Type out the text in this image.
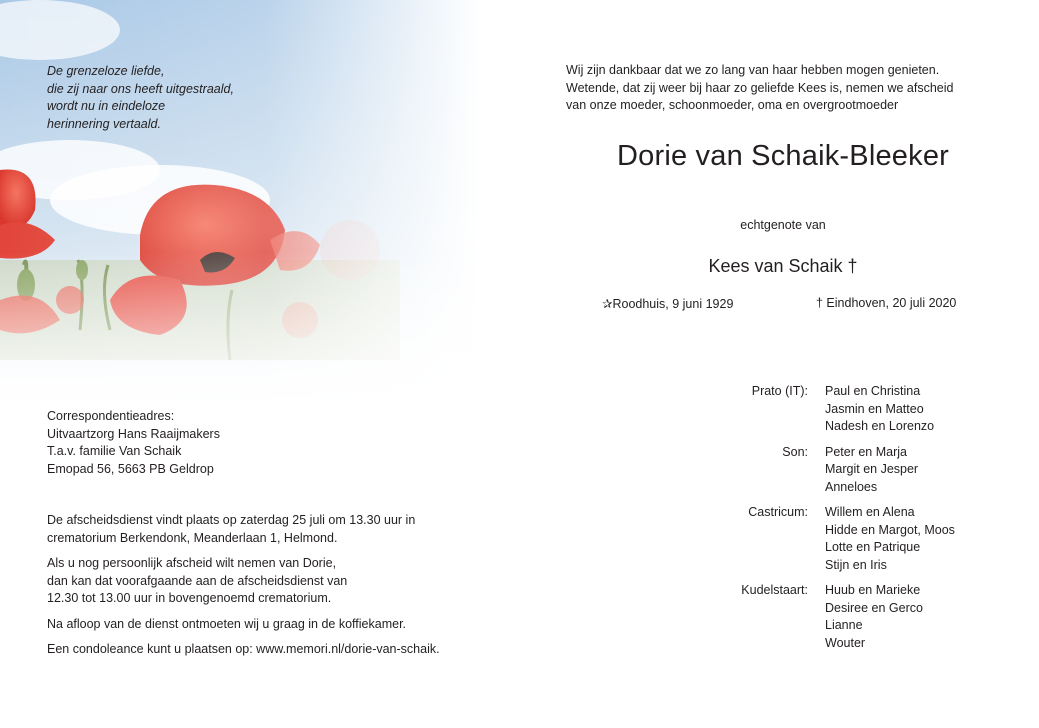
De grenzeloze liefde,
die zij naar ons heeft uitgestraald,
wordt nu in eindeloze
herinnering vertaald.
Correspondentieadres:
Uitvaartzorg Hans Raaijmakers
T.a.v. familie Van Schaik
Emopad 56, 5663 PB Geldrop

De afscheidsdienst vindt plaats op zaterdag 25 juli om 13.30 uur in
crematorium Berkendonk, Meanderlaan 1, Helmond.

Als u nog persoonlijk afscheid wilt nemen van Dorie,
dan kan dat voorafgaande aan de afscheidsdienst van
12.30 tot 13.00 uur in bovengenoemd crematorium.

Na afloop van de dienst ontmoeten wij u graag in de koffiekamer.

Een condoleance kunt u plaatsen op: www.memori.nl/dorie-van-schaik.

Wij zijn dankbaar dat we zo lang van haar hebben mogen genieten.
Wetende, dat zij weer bij haar zo geliefde Kees is, nemen we afscheid
van onze moeder, schoonmoeder, oma en overgrootmoeder
Dorie van Schaik-Bleeker
echtgenote van
Kees van Schaik †
✰Roodhuis, 9 juni 1929	† Eindhoven, 20 juli 2020
Prato (IT):	Paul en Christina
Jasmin en Matteo
Nadesh en Lorenzo
Son:	Peter en Marja
Margit en Jesper
Anneloes
Castricum:	Willem en Alena
Hidde en Margot, Moos
Lotte en Patrique
Stijn en Iris
Kudelstaart:	Huub en Marieke
Desiree en Gerco
Lianne
Wouter
